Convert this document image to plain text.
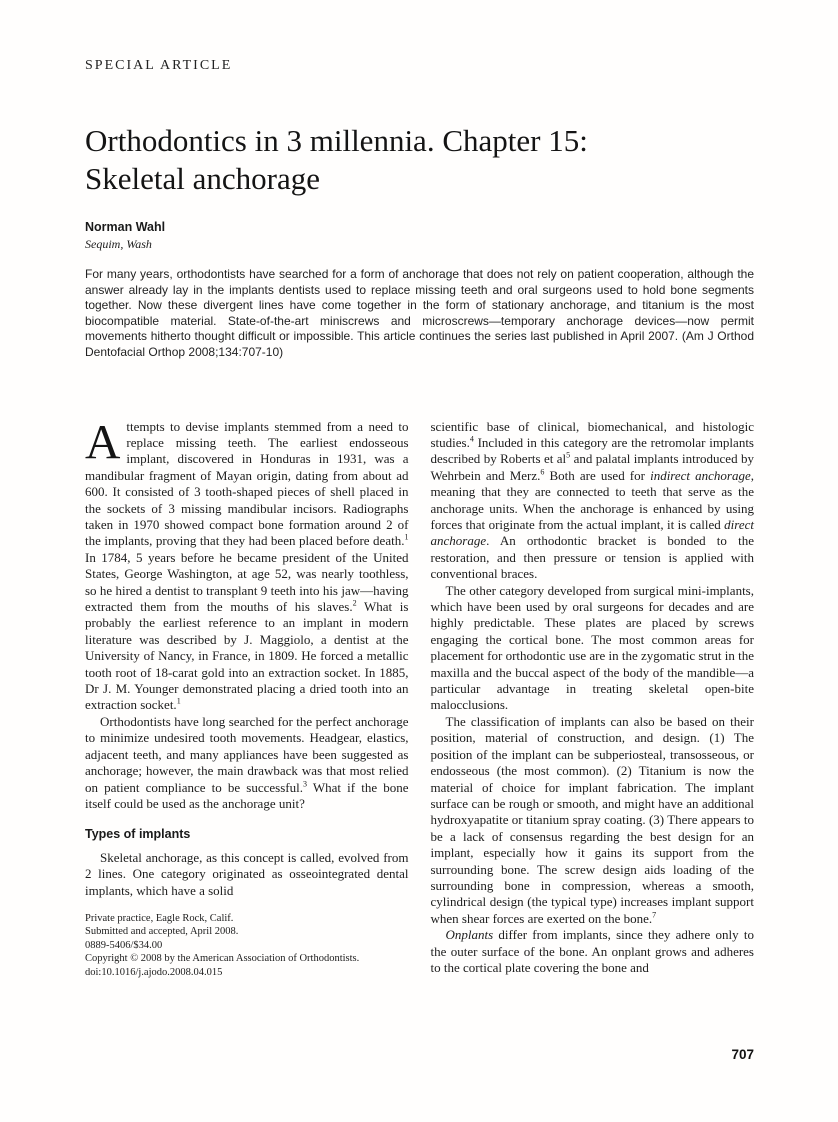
SPECIAL ARTICLE
Orthodontics in 3 millennia. Chapter 15:
Skeletal anchorage
Norman Wahl
Sequim, Wash

For many years, orthodontists have searched for a form of anchorage that does not rely on patient cooperation, although the answer already lay in the implants dentists used to replace missing teeth and oral surgeons used to hold bone segments together. Now these divergent lines have come together in the form of stationary anchorage, and titanium is the most biocompatible material. State-of-the-art miniscrews and microscrews—temporary anchorage devices—now permit movements hitherto thought difficult or impossible. This article continues the series last published in April 2007. (Am J Orthod Dentofacial Orthop 2008;134:707-10)

Attempts to devise implants stemmed from a need to replace missing teeth. The earliest endosseous implant, discovered in Honduras in 1931, was a mandibular fragment of Mayan origin, dating from about ad 600. It consisted of 3 tooth-shaped pieces of shell placed in the sockets of 3 missing mandibular incisors. Radiographs taken in 1970 showed compact bone formation around 2 of the implants, proving that they had been placed before death.$^1$ In 1784, 5 years before he became president of the United States, George Washington, at age 52, was nearly toothless, so he hired a dentist to transplant 9 teeth into his jaw—having extracted them from the mouths of his slaves.$^2$ What is probably the earliest reference to an implant in modern literature was described by J. Maggiolo, a dentist at the University of Nancy, in France, in 1809. He forced a metallic tooth root of 18-carat gold into an extraction socket. In 1885, Dr J. M. Younger demonstrated placing a dried tooth into an extraction socket.$^1$

Orthodontists have long searched for the perfect anchorage to minimize undesired tooth movements. Headgear, elastics, adjacent teeth, and many appliances have been suggested as anchorage; however, the main drawback was that most relied on patient compliance to be successful.$^3$ What if the bone itself could be used as the anchorage unit?

Types of implants

Skeletal anchorage, as this concept is called, evolved from 2 lines. One category originated as osseointegrated dental implants, which have a solid

Private practice, Eagle Rock, Calif.
Submitted and accepted, April 2008.
0889-5406/$34.00
Copyright © 2008 by the American Association of Orthodontists.
doi:10.1016/j.ajodo.2008.04.015

scientific base of clinical, biomechanical, and histologic studies.$^4$ Included in this category are the retromolar implants described by Roberts et $al^5$ and palatal implants introduced by Wehrbein and Merz.$^6$ Both are used for indirect anchorage, meaning that they are connected to teeth that serve as the anchorage units. When the anchorage is enhanced by using forces that originate from the actual implant, it is called direct anchorage. An orthodontic bracket is bonded to the restoration, and then pressure or tension is applied with conventional braces.

The other category developed from surgical mini-implants, which have been used by oral surgeons for decades and are highly predictable. These plates are placed by screws engaging the cortical bone. The most common areas for placement for orthodontic use are in the zygomatic strut in the maxilla and the buccal aspect of the body of the mandible—a particular advantage in treating skeletal open-bite malocclusions.

The classification of implants can also be based on their position, material of construction, and design. (1) The position of the implant can be subperiosteal, transosseous, or endosseous (the most common). (2) Titanium is now the material of choice for implant fabrication. The implant surface can be rough or smooth, and might have an additional hydroxyapatite or titanium spray coating. (3) There appears to be a lack of consensus regarding the best design for an implant, especially how it gains its support from the surrounding bone. The screw design aids loading of the surrounding bone in compression, whereas a smooth, cylindrical design (the typical type) increases implant support when shear forces are exerted on the bone.$^7$

Onplants differ from implants, since they adhere only to the outer surface of the bone. An onplant grows and adheres to the cortical plate covering the bone and

707
